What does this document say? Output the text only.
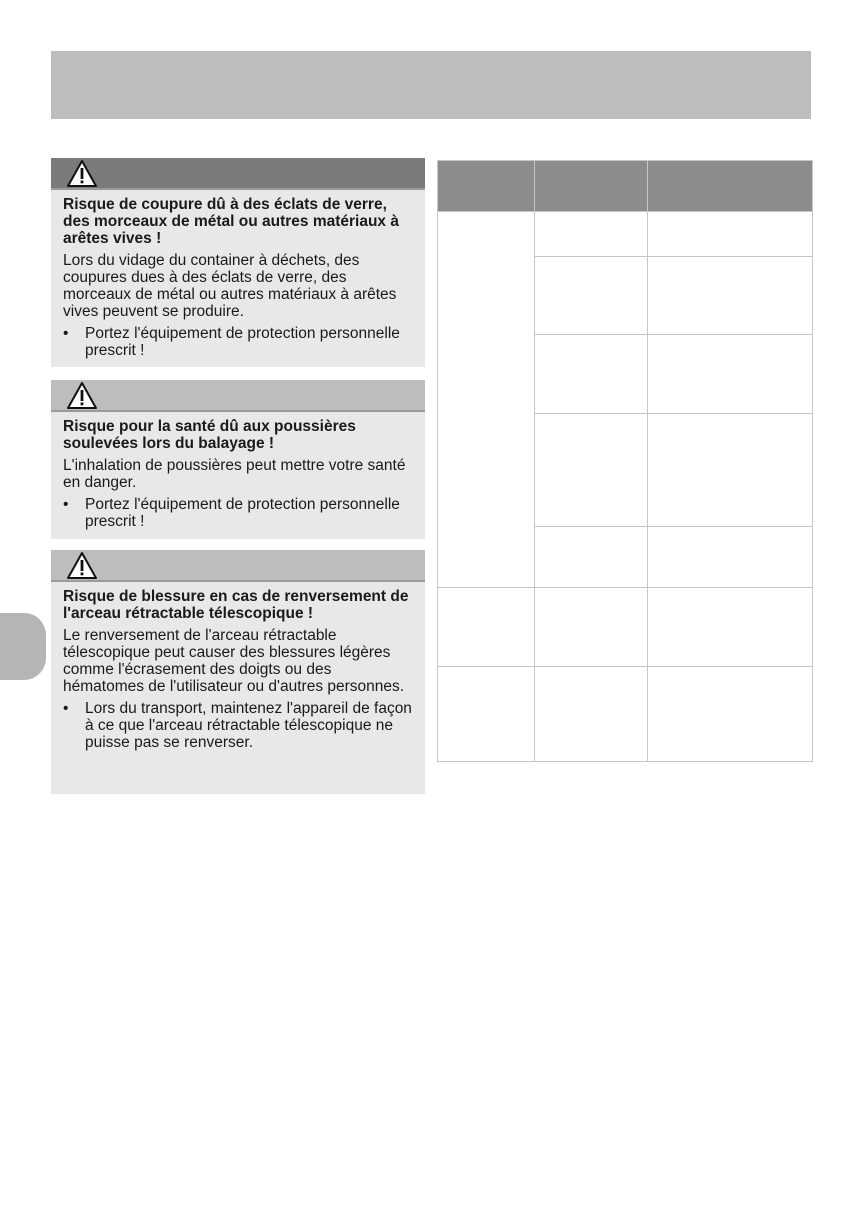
Risque de coupure dû à des éclats de verre, des morceaux de métal ou autres matériaux à arêtes vives !

Lors du vidage du container à déchets, des coupures dues à des éclats de verre, des morceaux de métal ou autres matériaux à arêtes vives peuvent se produire.

• Portez l'équipement de protection personnelle prescrit !

Risque pour la santé dû aux poussières soulevées lors du balayage !

L'inhalation de poussières peut mettre votre santé en danger.

• Portez l'équipement de protection personnelle prescrit !

Risque de blessure en cas de renversement de l'arceau rétractable télescopique !

Le renversement de l'arceau rétractable télescopique peut causer des blessures légères comme l'écrasement des doigts ou des hématomes de l'utilisateur ou d'autres personnes.

• Lors du transport, maintenez l'appareil de façon à ce que l'arceau rétractable télescopique ne puisse pas se renverser.
